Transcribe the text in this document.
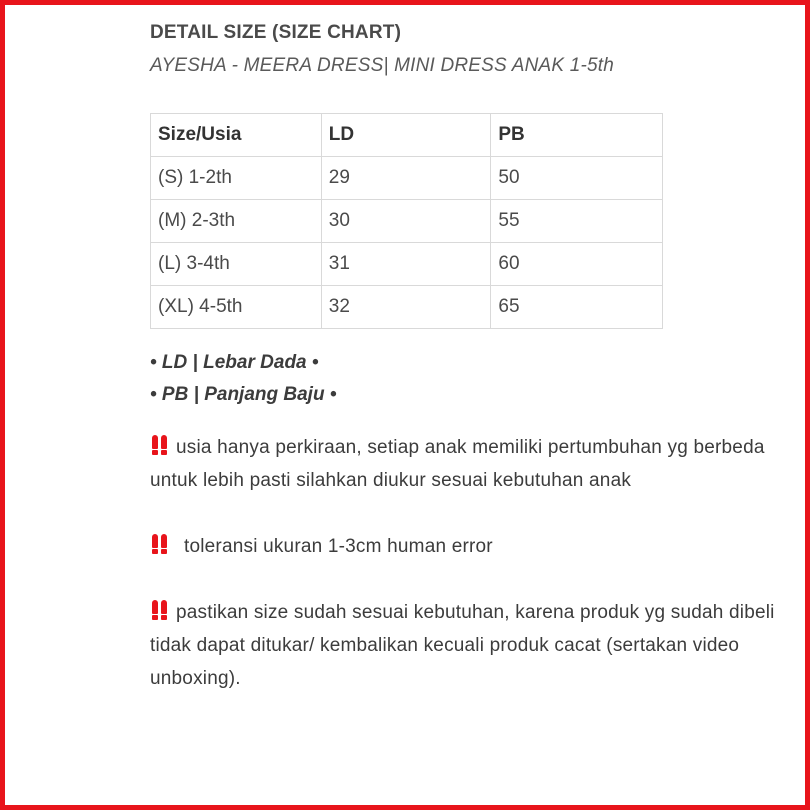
DETAIL SIZE (SIZE CHART)
AYESHA - MEERA DRESS| MINI DRESS ANAK 1-5th
Size/Usia	LD	PB
(S) 1-2th	29	50
(M) 2-3th	30	55
(L) 3-4th	31	60
(XL) 4-5th	32	65
• LD | Lebar Dada •
• PB | Panjang Baju •
usia hanya perkiraan, setiap anak memiliki pertumbuhan yg berbeda untuk lebih pasti silahkan diukur sesuai kebutuhan anak
toleransi ukuran 1-3cm human error
pastikan size sudah sesuai kebutuhan, karena produk yg sudah dibeli tidak dapat ditukar/ kembalikan kecuali produk cacat (sertakan video unboxing).
